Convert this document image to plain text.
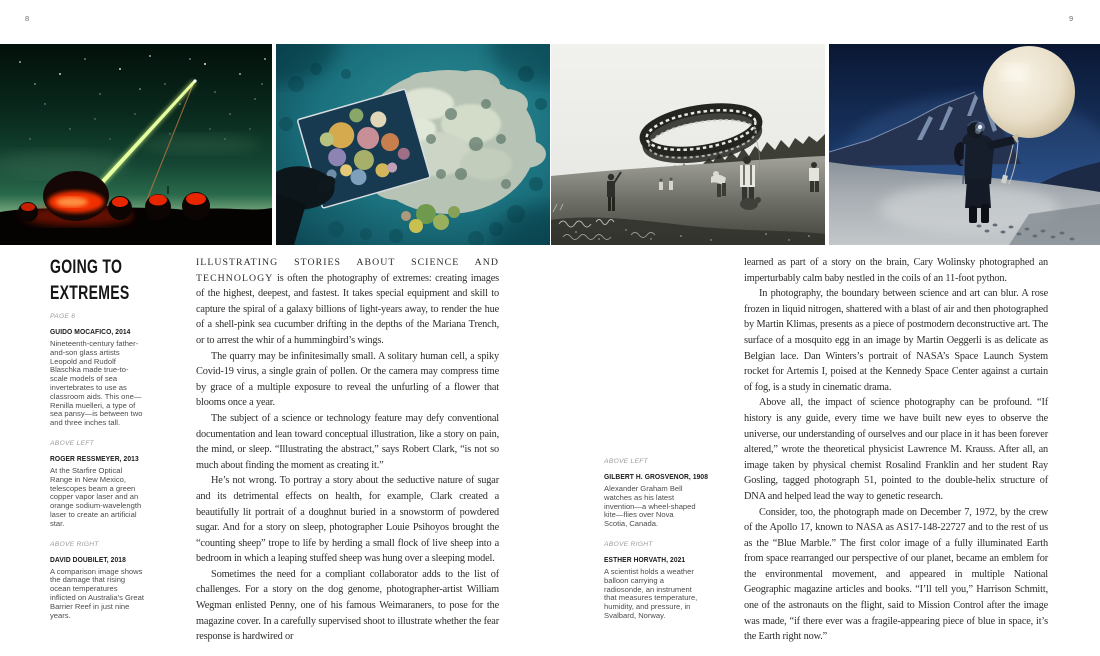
8	9
GOING TO
EXTREMES
PAGE 6
GUIDO MOCAFICO, 2014
Nineteenth-century father-and-son glass artists Leopold and Rudolf Blaschka made true-to-scale models of sea invertebrates to use as classroom aids. This one—Renilla muelleri, a type of sea pansy—is between two and three inches tall.
ABOVE LEFT
ROGER RESSMEYER, 2013
At the Starfire Optical Range in New Mexico, telescopes beam a green copper vapor laser and an orange sodium-wavelength laser to create an artificial star.
ABOVE RIGHT
DAVID DOUBILET, 2018
A comparison image shows the damage that rising ocean temperatures inflicted on Australia’s Great Barrier Reef in just nine years.

ILLUSTRATING STORIES ABOUT SCIENCE AND TECHNOLOGY is often the photography of extremes: creating images of the highest, deepest, and fastest. It takes special equipment and skill to capture the spiral of a galaxy billions of light-years away, to render the hue of a shell-pink sea cucumber drifting in the depths of the Mariana Trench, or to arrest the whir of a hummingbird’s wings.

The quarry may be infinitesimally small. A solitary human cell, a spiky Covid-19 virus, a single grain of pollen. Or the camera may compress time by grace of a multiple exposure to reveal the unfurling of a flower that blooms once a year.

The subject of a science or technology feature may defy conventional documentation and lean toward conceptual illustration, like a story on pain, the mind, or sleep. “Illustrating the abstract,” says Robert Clark, “is not so much about finding the moment as creating it.”

He’s not wrong. To portray a story about the seductive nature of sugar and its detrimental effects on health, for example, Clark created a beautifully lit portrait of a doughnut buried in a snowstorm of powdered sugar. And for a story on sleep, photographer Louie Psihoyos brought the “counting sheep” trope to life by herding a small flock of live sheep into a bedroom in which a leaping stuffed sheep was hung over a sleeping model.

Sometimes the need for a compliant collaborator adds to the list of challenges. For a story on the dog genome, photographer-artist William Wegman enlisted Penny, one of his famous Weimaraners, to pose for the magazine cover. In a carefully supervised shoot to illustrate whether the fear response is hardwired or

ABOVE LEFT
GILBERT H. GROSVENOR, 1908
Alexander Graham Bell watches as his latest invention—a wheel-shaped kite—flies over Nova Scotia, Canada.
ABOVE RIGHT
ESTHER HORVATH, 2021
A scientist holds a weather balloon carrying a radiosonde, an instrument that measures temperature, humidity, and pressure, in Svalbard, Norway.

learned as part of a story on the brain, Cary Wolinsky photographed an imperturbably calm baby nestled in the coils of an 11-foot python.

In photography, the boundary between science and art can blur. A rose frozen in liquid nitrogen, shattered with a blast of air and then photographed by Martin Klimas, presents as a piece of postmodern deconstructive art. The surface of a mosquito egg in an image by Martin Oeggerli is as delicate as Belgian lace. Dan Winters’s portrait of NASA’s Space Launch System rocket for Artemis I, poised at the Kennedy Space Center against a curtain of fog, is a study in cinematic drama.

Above all, the impact of science photography can be profound. “If history is any guide, every time we have built new eyes to observe the universe, our understanding of ourselves and our place in it has been forever altered,” wrote the theoretical physicist Lawrence M. Krauss. After all, an image taken by physical chemist Rosalind Franklin and her student Ray Gosling, tagged photograph 51, pointed to the double-helix structure of DNA and helped lead the way to genetic research.

Consider, too, the photograph made on December 7, 1972, by the crew of the Apollo 17, known to NASA as AS17-148-22727 and to the rest of us as the “Blue Marble.” The first color image of a fully illuminated Earth from space rearranged our perspective of our planet, became an emblem for the environmental movement, and appeared in multiple National Geographic magazine articles and books. “I’ll tell you,” Harrison Schmitt, one of the astronauts on the flight, said to Mission Control after the image was made, “if there ever was a fragile-appearing piece of blue in space, it’s the Earth right now.”
